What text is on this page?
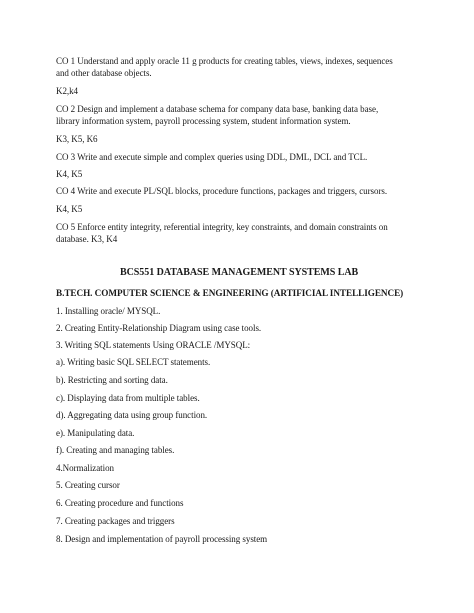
CO 1 Understand and apply oracle 11 g products for creating tables, views, indexes, sequences
and other database objects.
K2,k4
CO 2 Design and implement a database schema for company data base, banking data base,
library information system, payroll processing system, student information system.
K3, K5, K6
CO 3 Write and execute simple and complex queries using DDL, DML, DCL and TCL.
K4, K5
CO 4 Write and execute PL/SQL blocks, procedure functions, packages and triggers, cursors.
K4, K5
CO 5 Enforce entity integrity, referential integrity, key constraints, and domain constraints on
database. K3, K4
BCS551 DATABASE MANAGEMENT SYSTEMS LAB
B.TECH. COMPUTER SCIENCE & ENGINEERING (ARTIFICIAL INTELLIGENCE)
1. Installing oracle/ MYSQL.
2. Creating Entity-Relationship Diagram using case tools.
3. Writing SQL statements Using ORACLE /MYSQL:
a). Writing basic SQL SELECT statements.
b). Restricting and sorting data.
c). Displaying data from multiple tables.
d). Aggregating data using group function.
e). Manipulating data.
f). Creating and managing tables.
4.Normalization
5. Creating cursor
6. Creating procedure and functions
7. Creating packages and triggers
8. Design and implementation of payroll processing system
